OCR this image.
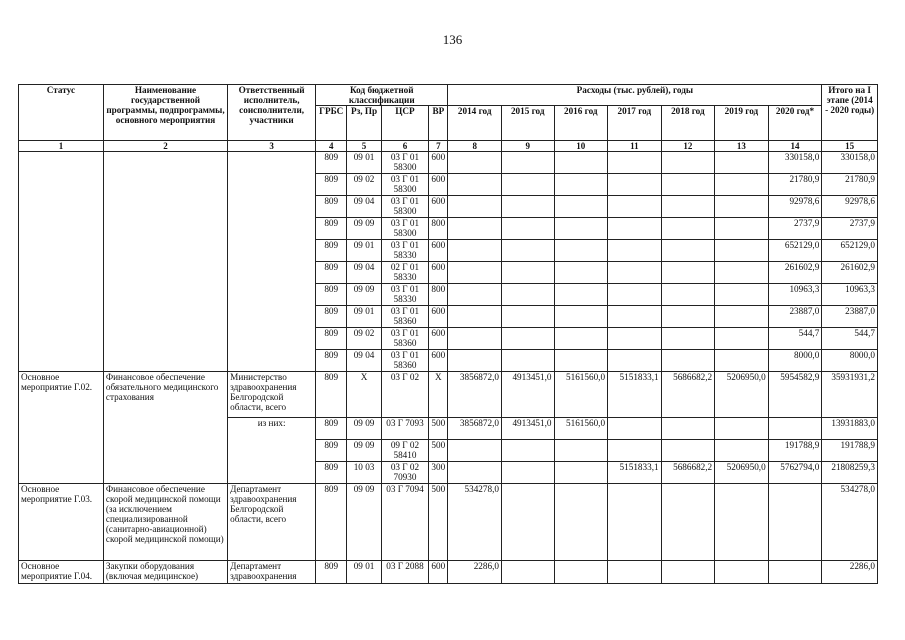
136
Статус	Наименование государственной программы, подпрограммы, основного мероприятия	Ответственный исполнитель, соисполнители, участники	Код бюджетной классификации				Расходы (тыс. рублей), годы							Итого на I этапе (2014 - 2020 годы)
			ГРБС	Рз, Пр	ЦСР	ВР	2014 год	2015 год	2016 год	2017 год	2018 год	2019 год	2020 год*	
1	2	3	4	5	6	7	8	9	10	11	12	13	14	15
			809	09 01	03 Г 01 58300	600							330158,0	330158,0
			809	09 02	03 Г 01 58300	600							21780,9	21780,9
			809	09 04	03 Г 01 58300	600							92978,6	92978,6
			809	09 09	03 Г 01 58300	800							2737,9	2737,9
			809	09 01	03 Г 01 58330	600							652129,0	652129,0
			809	09 04	02 Г 01 58330	600							261602,9	261602,9
			809	09 09	03 Г 01 58330	800							10963,3	10963,3
			809	09 01	03 Г 01 58360	600							23887,0	23887,0
			809	09 02	03 Г 01 58360	600							544,7	544,7
			809	09 04	03 Г 01 58360	600							8000,0	8000,0
Основное мероприятие Г.02.	Финансовое обеспечение обязательного медицинского страхования	Министерство здравоохранения Белгородской области, всего	809	Х	03 Г 02	Х	3856872,0	4913451,0	5161560,0	5151833,1	5686682,2	5206950,0	5954582,9	35931931,2
		из них:	809	09 09	03 Г 7093	500	3856872,0	4913451,0	5161560,0					13931883,0
			809	09 09	09 Г 02 58410	500							191788,9	191788,9
			809	10 03	03 Г 02 70930	300				5151833,1	5686682,2	5206950,0	5762794,0	21808259,3
Основное мероприятие Г.03.	Финансовое обеспечение скорой медицинской помощи (за исключением специализированной (санитарно-авиационной) скорой медицинской помощи)	Департамент здравоохранения Белгородской области, всего	809	09 09	03 Г 7094	500	534278,0							534278,0
Основное мероприятие Г.04.	Закупки оборудования (включая медицинское)	Департамент здравоохранения	809	09 01	03 Г 2088	600	2286,0							2286,0
